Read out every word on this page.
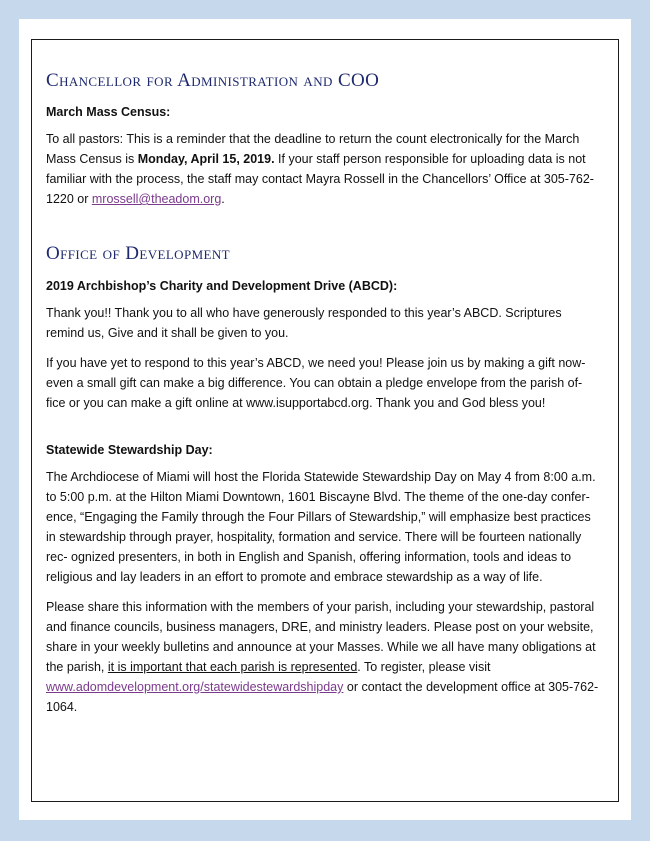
Chancellor for Administration and COO
March Mass Census:

To all pastors: This is a reminder that the deadline to return the count electronically for the March Mass Census is Monday, April 15, 2019. If your staff person responsible for uploading data is not familiar with the process, the staff may contact Mayra Rossell in the Chancellors’ Office at 305-762-1220 or mrossell@theadom.org.

Office of Development
2019 Archbishop’s Charity and Development Drive (ABCD):

Thank you!! Thank you to all who have generously responded to this year’s ABCD. Scriptures remind us, Give and it shall be given to you.

If you have yet to respond to this year’s ABCD, we need you! Please join us by making a gift now- even a small gift can make a big difference. You can obtain a pledge envelope from the parish of- fice or you can make a gift online at www.isupportabcd.org. Thank you and God bless you!

Statewide Stewardship Day:

The Archdiocese of Miami will host the Florida Statewide Stewardship Day on May 4 from 8:00 a.m. to 5:00 p.m. at the Hilton Miami Downtown, 1601 Biscayne Blvd. The theme of the one-day confer- ence, “Engaging the Family through the Four Pillars of Stewardship,” will emphasize best practices in stewardship through prayer, hospitality, formation and service. There will be fourteen nationally rec- ognized presenters, in both in English and Spanish, offering information, tools and ideas to religious and lay leaders in an effort to promote and embrace stewardship as a way of life.

Please share this information with the members of your parish, including your stewardship, pastoral and finance councils, business managers, DRE, and ministry leaders. Please post on your website, share in your weekly bulletins and announce at your Masses. While we all have many obligations at the parish, it is important that each parish is represented. To register, please visit www.adomdevelopment.org/statewidestewardshipday or contact the development office at 305-762-1064.
